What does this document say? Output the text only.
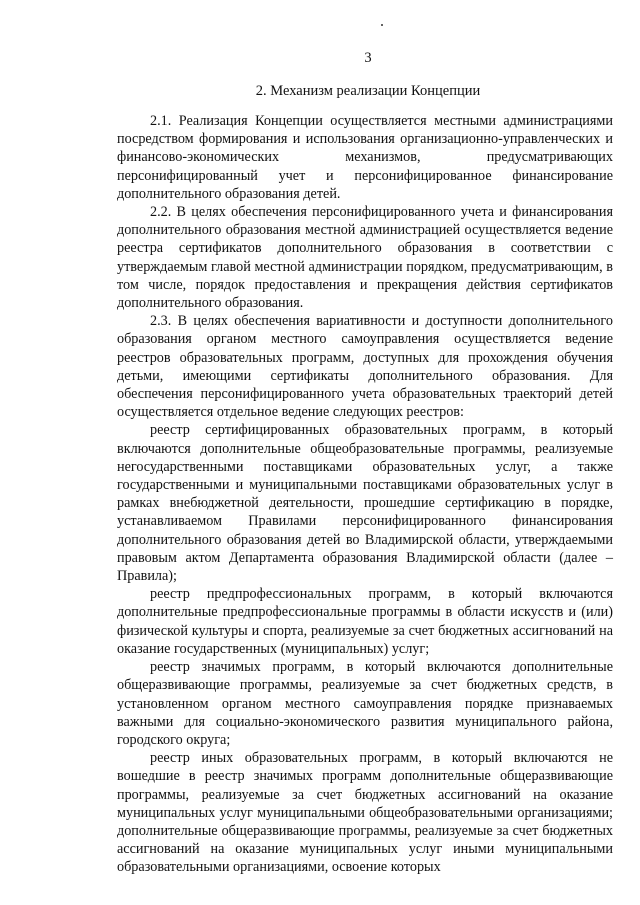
3
2. Механизм реализации Концепции

2.1. Реализация Концепции осуществляется местными администрациями посредством формирования и использования организационно-управленческих и финансово-экономических механизмов, предусматривающих персонифицированный учет и персонифицированное финансирование дополнительного образования детей.

2.2. В целях обеспечения персонифицированного учета и финансирования дополнительного образования местной администрацией осуществляется ведение реестра сертификатов дополнительного образования в соответствии с утверждаемым главой местной администрации порядком, предусматривающим, в том числе, порядок предоставления и прекращения действия сертификатов дополнительного образования.

2.3. В целях обеспечения вариативности и доступности дополнительного образования органом местного самоуправления осуществляется ведение реестров образовательных программ, доступных для прохождения обучения детьми, имеющими сертификаты дополнительного образования. Для обеспечения персонифицированного учета образовательных траекторий детей осуществляется отдельное ведение следующих реестров:

реестр сертифицированных образовательных программ, в который включаются дополнительные общеобразовательные программы, реализуемые негосударственными поставщиками образовательных услуг, а также государственными и муниципальными поставщиками образовательных услуг в рамках внебюджетной деятельности, прошедшие сертификацию в порядке, устанавливаемом Правилами персонифицированного финансирования дополнительного образования детей во Владимирской области, утверждаемыми правовым актом Департамента образования Владимирской области (далее – Правила);

реестр предпрофессиональных программ, в который включаются дополнительные предпрофессиональные программы в области искусств и (или) физической культуры и спорта, реализуемые за счет бюджетных ассигнований на оказание государственных (муниципальных) услуг;

реестр значимых программ, в который включаются дополнительные общеразвивающие программы, реализуемые за счет бюджетных средств, в установленном органом местного самоуправления порядке признаваемых важными для социально-экономического развития муниципального района, городского округа;

реестр иных образовательных программ, в который включаются не вошедшие в реестр значимых программ дополнительные общеразвивающие программы, реализуемые за счет бюджетных ассигнований на оказание муниципальных услуг муниципальными общеобразовательными организациями; дополнительные общеразвивающие программы, реализуемые за счет бюджетных ассигнований на оказание муниципальных услуг иными муниципальными образовательными организациями, освоение которых
